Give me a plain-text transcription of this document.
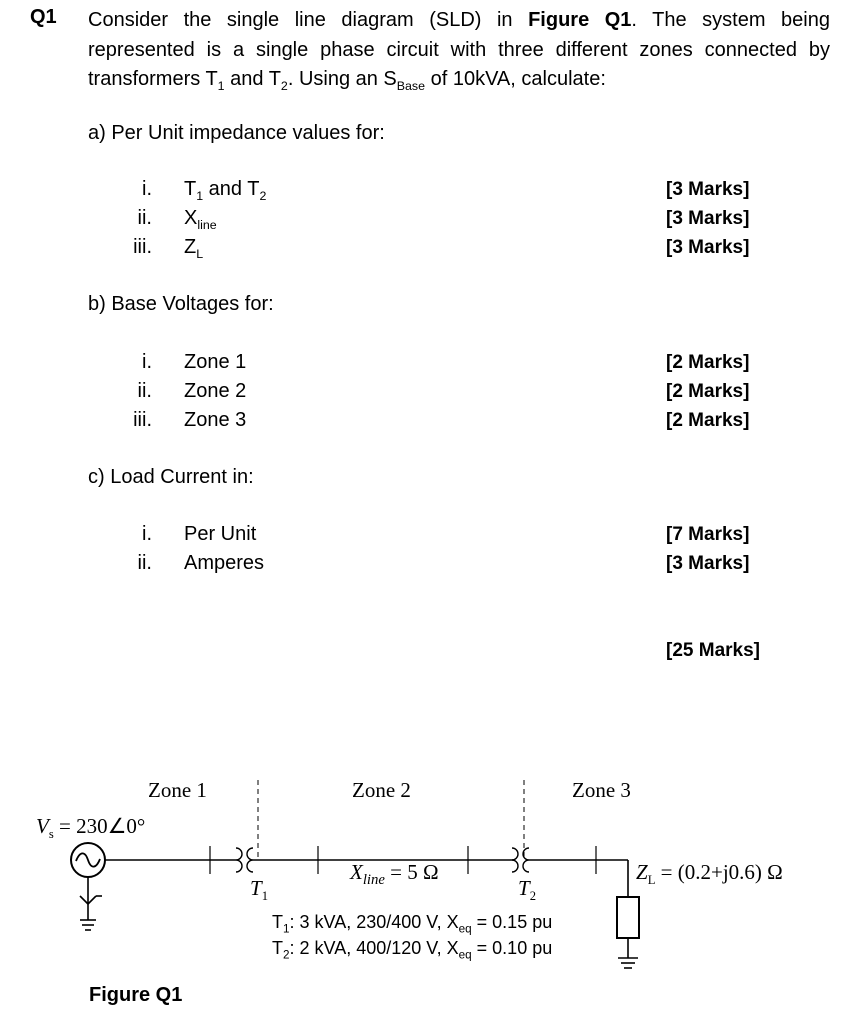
Q1 Consider the single line diagram (SLD) in Figure Q1. The system being represented is a single phase circuit with three different zones connected by transformers $T_1$ and $T_2$. Using an $S_{Base}$ of 10kVA, calculate:
a) Per Unit impedance values for:
i. $T_1$ and $T_2$	[3 Marks]
ii. $X_{line}$	[3 Marks]
iii. $Z_L$	[3 Marks]
b) Base Voltages for:
i. Zone 1	[2 Marks]
ii. Zone 2	[2 Marks]
iii. Zone 3	[2 Marks]
c) Load Current in:
i. Per Unit	[7 Marks]
ii. Amperes	[3 Marks]
[25 Marks]
Zone 1	Zone 2	Zone 3
$V_s$ = 230∠0°
$T_1$	$T_2$
$X_{line} = 5$ Ω	$Z_L = (0.2+j0.6)$ Ω
$T_1$: 3 kVA, 230/400 V, $X_{eq} = 0.15$ pu
$T_2$: 2 kVA, 400/120 V, $X_{eq} = 0.10$ pu
Figure Q1
